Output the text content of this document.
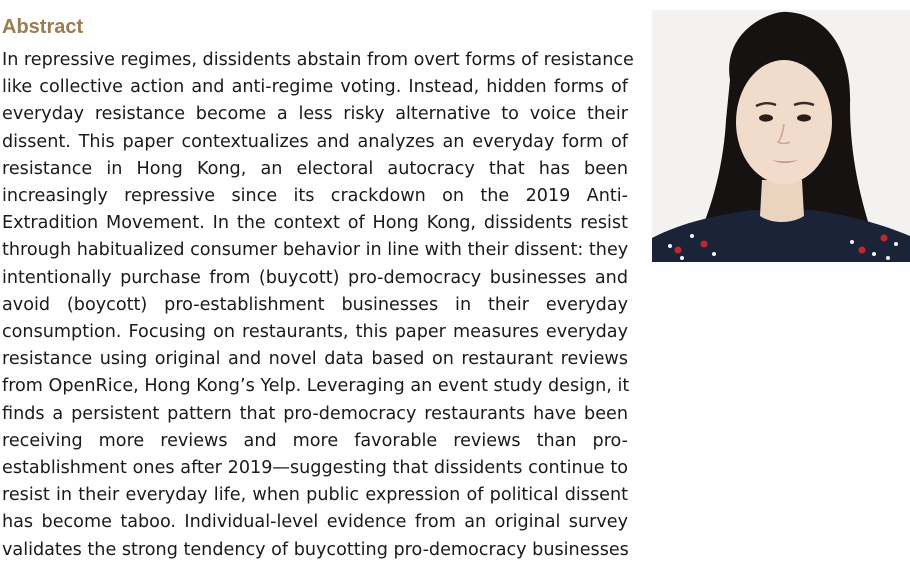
Abstract
In repressive regimes, dissidents abstain from overt forms of resistance
like collective action and anti-regime voting. Instead, hidden forms of
everyday resistance become a less risky alternative to voice their
dissent. This paper contextualizes and analyzes an everyday form of
resistance in Hong Kong, an electoral autocracy that has been
increasingly repressive since its crackdown on the 2019 Anti-
Extradition Movement. In the context of Hong Kong, dissidents resist
through habitualized consumer behavior in line with their dissent: they
intentionally purchase from (buycott) pro-democracy businesses and
avoid (boycott) pro-establishment businesses in their everyday
consumption. Focusing on restaurants, this paper measures everyday
resistance using original and novel data based on restaurant reviews
from OpenRice, Hong Kong’s Yelp. Leveraging an event study design, it
finds a persistent pattern that pro-democracy restaurants have been
receiving more reviews and more favorable reviews than pro-
establishment ones after 2019—suggesting that dissidents continue to
resist in their everyday life, when public expression of political dissent
has become taboo. Individual-level evidence from an original survey
validates the strong tendency of buycotting pro-democracy businesses
